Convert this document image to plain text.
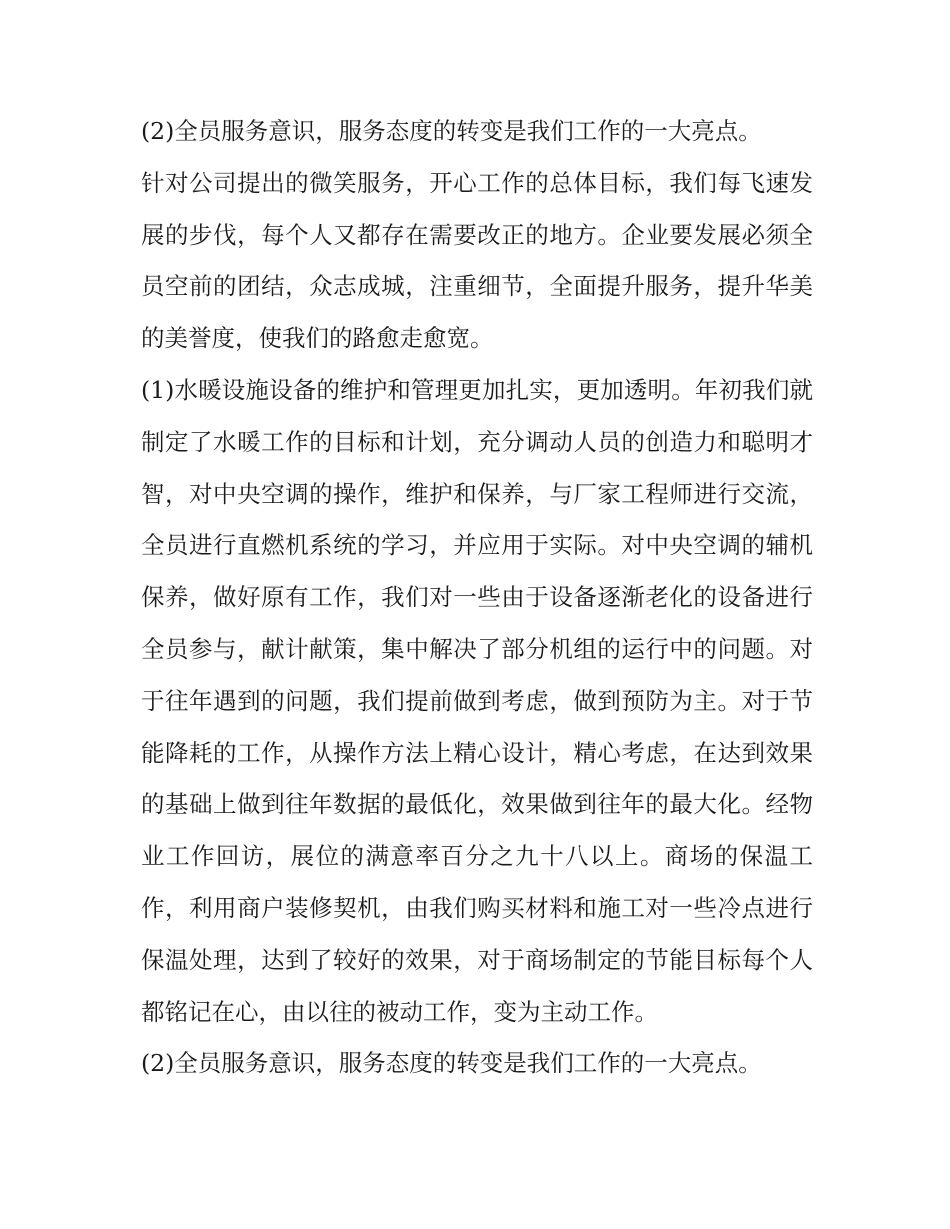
(2)全员服务意识，服务态度的转变是我们工作的一大亮点。

针对公司提出的微笑服务，开心工作的总体目标，我们每飞速发展的步伐，每个人又都存在需要改正的地方。企业要发展必须全员空前的团结，众志成城，注重细节，全面提升服务，提升华美的美誉度，使我们的路愈走愈宽。

(1)水暖设施设备的维护和管理更加扎实，更加透明。年初我们就制定了水暖工作的目标和计划，充分调动人员的创造力和聪明才智，对中央空调的操作，维护和保养，与厂家工程师进行交流，全员进行直燃机系统的学习，并应用于实际。对中央空调的辅机保养，做好原有工作，我们对一些由于设备逐渐老化的设备进行全员参与，献计献策，集中解决了部分机组的运行中的问题。对于往年遇到的问题，我们提前做到考虑，做到预防为主。对于节能降耗的工作，从操作方法上精心设计，精心考虑，在达到效果的基础上做到往年数据的最低化，效果做到往年的最大化。经物业工作回访，展位的满意率百分之九十八以上。商场的保温工作，利用商户装修契机，由我们购买材料和施工对一些冷点进行保温处理，达到了较好的效果，对于商场制定的节能目标每个人都铭记在心，由以往的被动工作，变为主动工作。

(2)全员服务意识，服务态度的转变是我们工作的一大亮点。
